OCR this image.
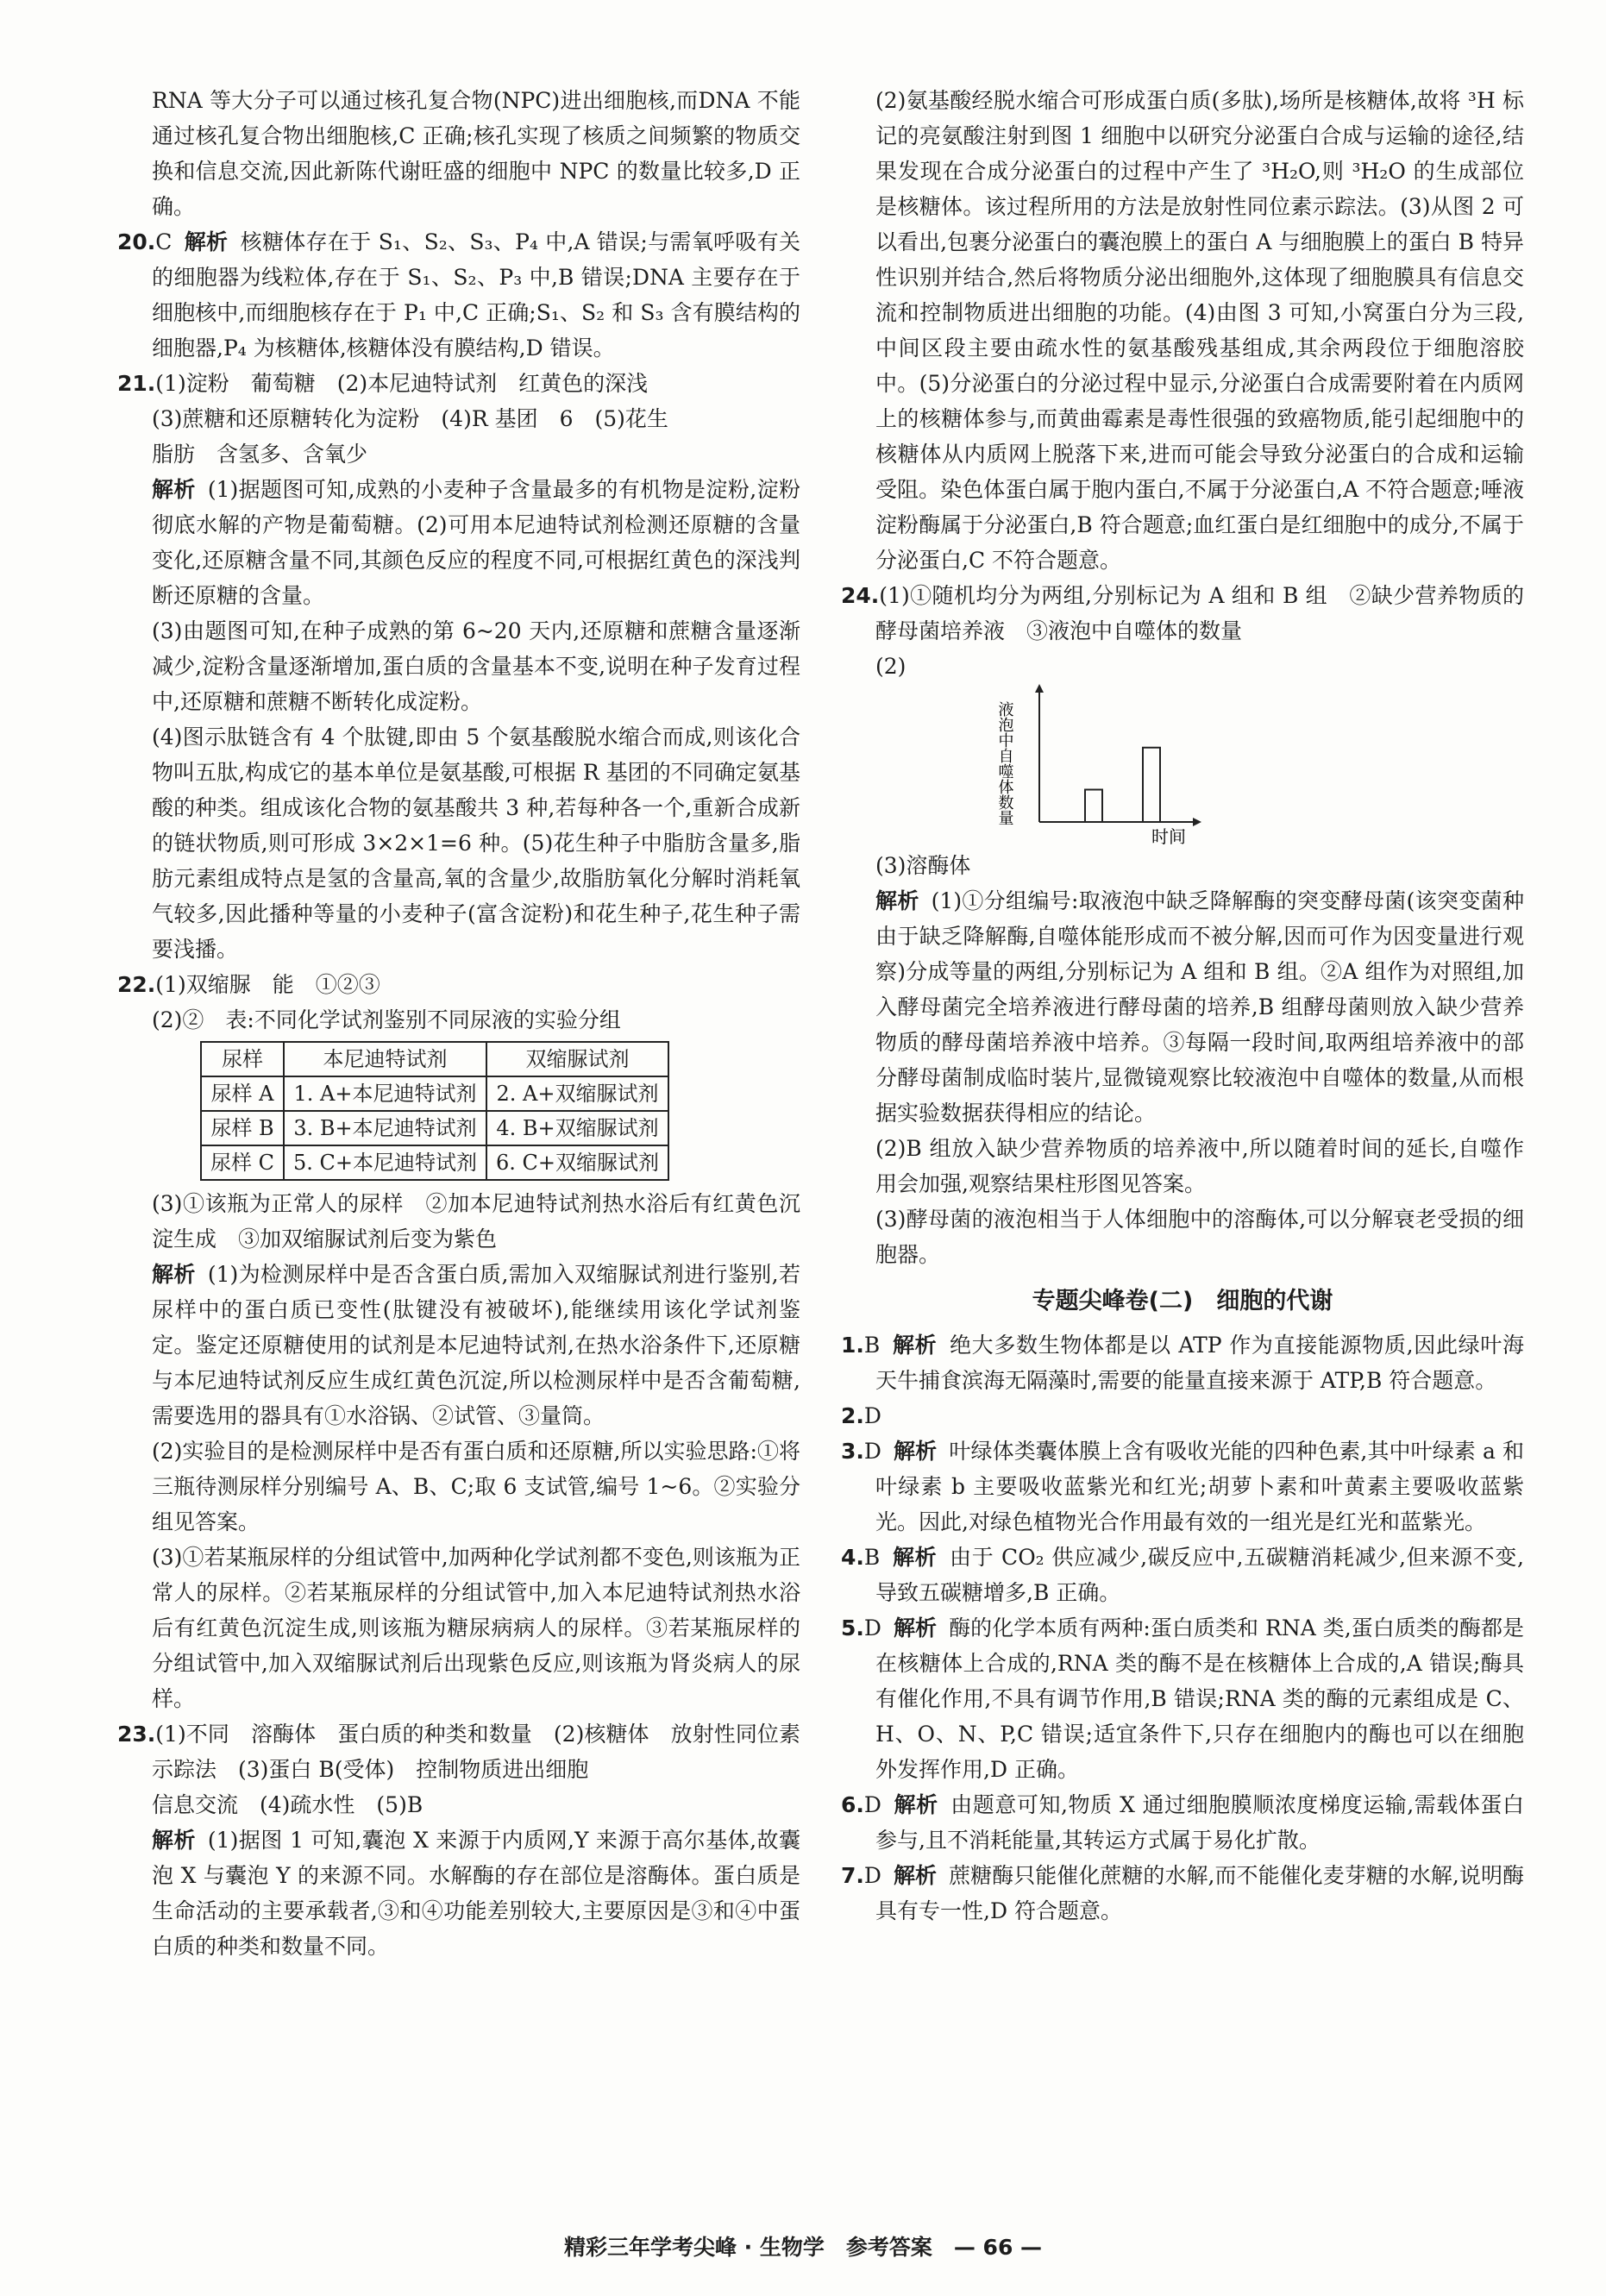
RNA 等大分子可以通过核孔复合物(NPC)进出细胞核,而DNA 不能通过核孔复合物出细胞核,C 正确;核孔实现了核质之间频繁的物质交换和信息交流,因此新陈代谢旺盛的细胞中 NPC 的数量比较多,D 正确。

20.C 解析 核糖体存在于 S₁、S₂、S₃、P₄ 中,A 错误;与需氧呼吸有关的细胞器为线粒体,存在于 S₁、S₂、P₃ 中,B 错误;DNA 主要存在于细胞核中,而细胞核存在于 P₁ 中,C 正确;S₁、S₂ 和 S₃ 含有膜结构的细胞器,P₄ 为核糖体,核糖体没有膜结构,D 错误。

21.(1)淀粉　葡萄糖　(2)本尼迪特试剂　红黄色的深浅

(3)蔗糖和还原糖转化为淀粉　(4)R 基团　6　(5)花生

脂肪　含氢多、含氧少

解析 (1)据题图可知,成熟的小麦种子含量最多的有机物是淀粉,淀粉彻底水解的产物是葡萄糖。(2)可用本尼迪特试剂检测还原糖的含量变化,还原糖含量不同,其颜色反应的程度不同,可根据红黄色的深浅判断还原糖的含量。

(3)由题图可知,在种子成熟的第 6~20 天内,还原糖和蔗糖含量逐渐减少,淀粉含量逐渐增加,蛋白质的含量基本不变,说明在种子发育过程中,还原糖和蔗糖不断转化成淀粉。

(4)图示肽链含有 4 个肽键,即由 5 个氨基酸脱水缩合而成,则该化合物叫五肽,构成它的基本单位是氨基酸,可根据 R 基团的不同确定氨基酸的种类。组成该化合物的氨基酸共 3 种,若每种各一个,重新合成新的链状物质,则可形成 3×2×1=6 种。(5)花生种子中脂肪含量多,脂肪元素组成特点是氢的含量高,氧的含量少,故脂肪氧化分解时消耗氧气较多,因此播种等量的小麦种子(富含淀粉)和花生种子,花生种子需要浅播。

22.(1)双缩脲　能　①②③

(2)②　表:不同化学试剂鉴别不同尿液的实验分组

尿样	本尼迪特试剂	双缩脲试剂
尿样 A	1. A+本尼迪特试剂	2. A+双缩脲试剂
尿样 B	3. B+本尼迪特试剂	4. B+双缩脲试剂
尿样 C	5. C+本尼迪特试剂	6. C+双缩脲试剂

(3)①该瓶为正常人的尿样　②加本尼迪特试剂热水浴后有红黄色沉淀生成　③加双缩脲试剂后变为紫色

解析 (1)为检测尿样中是否含蛋白质,需加入双缩脲试剂进行鉴别,若尿样中的蛋白质已变性(肽键没有被破坏),能继续用该化学试剂鉴定。鉴定还原糖使用的试剂是本尼迪特试剂,在热水浴条件下,还原糖与本尼迪特试剂反应生成红黄色沉淀,所以检测尿样中是否含葡萄糖,需要选用的器具有①水浴锅、②试管、③量筒。

(2)实验目的是检测尿样中是否有蛋白质和还原糖,所以实验思路:①将三瓶待测尿样分别编号 A、B、C;取 6 支试管,编号 1~6。②实验分组见答案。

(3)①若某瓶尿样的分组试管中,加两种化学试剂都不变色,则该瓶为正常人的尿样。②若某瓶尿样的分组试管中,加入本尼迪特试剂热水浴后有红黄色沉淀生成,则该瓶为糖尿病病人的尿样。③若某瓶尿样的分组试管中,加入双缩脲试剂后出现紫色反应,则该瓶为肾炎病人的尿样。

23.(1)不同　溶酶体　蛋白质的种类和数量　(2)核糖体　放射性同位素示踪法　(3)蛋白 B(受体)　控制物质进出细胞

信息交流　(4)疏水性　(5)B

解析 (1)据图 1 可知,囊泡 X 来源于内质网,Y 来源于高尔基体,故囊泡 X 与囊泡 Y 的来源不同。水解酶的存在部位是溶酶体。蛋白质是生命活动的主要承载者,③和④功能差别较大,主要原因是③和④中蛋白质的种类和数量不同。

(2)氨基酸经脱水缩合可形成蛋白质(多肽),场所是核糖体,故将 ³H 标记的亮氨酸注射到图 1 细胞中以研究分泌蛋白合成与运输的途径,结果发现在合成分泌蛋白的过程中产生了 ³H₂O,则 ³H₂O 的生成部位是核糖体。该过程所用的方法是放射性同位素示踪法。(3)从图 2 可以看出,包裹分泌蛋白的囊泡膜上的蛋白 A 与细胞膜上的蛋白 B 特异性识别并结合,然后将物质分泌出细胞外,这体现了细胞膜具有信息交流和控制物质进出细胞的功能。(4)由图 3 可知,小窝蛋白分为三段,中间区段主要由疏水性的氨基酸残基组成,其余两段位于细胞溶胶中。(5)分泌蛋白的分泌过程中显示,分泌蛋白合成需要附着在内质网上的核糖体参与,而黄曲霉素是毒性很强的致癌物质,能引起细胞中的核糖体从内质网上脱落下来,进而可能会导致分泌蛋白的合成和运输受阻。染色体蛋白属于胞内蛋白,不属于分泌蛋白,A 不符合题意;唾液淀粉酶属于分泌蛋白,B 符合题意;血红蛋白是红细胞中的成分,不属于分泌蛋白,C 不符合题意。

24.(1)①随机均分为两组,分别标记为 A 组和 B 组　②缺少营养物质的酵母菌培养液　③液泡中自噬体的数量

(2)

液泡中自噬体数量
时间

(3)溶酶体

解析 (1)①分组编号:取液泡中缺乏降解酶的突变酵母菌(该突变菌种由于缺乏降解酶,自噬体能形成而不被分解,因而可作为因变量进行观察)分成等量的两组,分别标记为 A 组和 B 组。②A 组作为对照组,加入酵母菌完全培养液进行酵母菌的培养,B 组酵母菌则放入缺少营养物质的酵母菌培养液中培养。③每隔一段时间,取两组培养液中的部分酵母菌制成临时装片,显微镜观察比较液泡中自噬体的数量,从而根据实验数据获得相应的结论。

(2)B 组放入缺少营养物质的培养液中,所以随着时间的延长,自噬作用会加强,观察结果柱形图见答案。

(3)酵母菌的液泡相当于人体细胞中的溶酶体,可以分解衰老受损的细胞器。

专题尖峰卷(二)　细胞的代谢

1.B 解析 绝大多数生物体都是以 ATP 作为直接能源物质,因此绿叶海天牛捕食滨海无隔藻时,需要的能量直接来源于 ATP,B 符合题意。

2.D

3.D 解析 叶绿体类囊体膜上含有吸收光能的四种色素,其中叶绿素 a 和叶绿素 b 主要吸收蓝紫光和红光;胡萝卜素和叶黄素主要吸收蓝紫光。因此,对绿色植物光合作用最有效的一组光是红光和蓝紫光。

4.B 解析 由于 CO₂ 供应减少,碳反应中,五碳糖消耗减少,但来源不变,导致五碳糖增多,B 正确。

5.D 解析 酶的化学本质有两种:蛋白质类和 RNA 类,蛋白质类的酶都是在核糖体上合成的,RNA 类的酶不是在核糖体上合成的,A 错误;酶具有催化作用,不具有调节作用,B 错误;RNA 类的酶的元素组成是 C、H、O、N、P,C 错误;适宜条件下,只存在细胞内的酶也可以在细胞外发挥作用,D 正确。

6.D 解析 由题意可知,物质 X 通过细胞膜顺浓度梯度运输,需载体蛋白参与,且不消耗能量,其转运方式属于易化扩散。

7.D 解析 蔗糖酶只能催化蔗糖的水解,而不能催化麦芽糖的水解,说明酶具有专一性,D 符合题意。

精彩三年学考尖峰 · 生物学　参考答案　— 66 —
